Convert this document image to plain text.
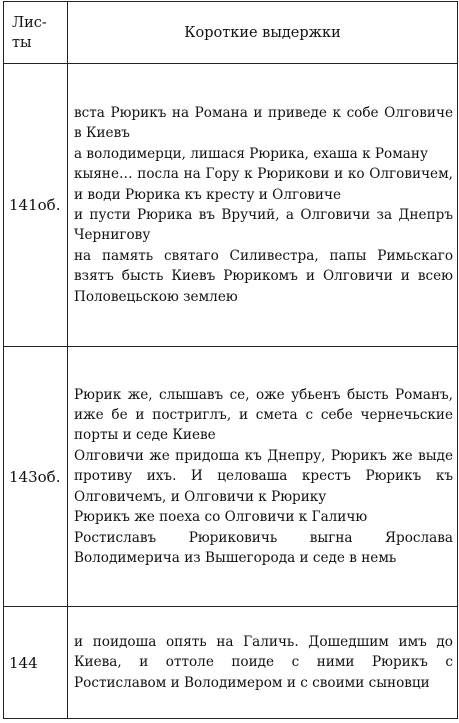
Лис-
ты	Короткие выдержки
141об.	вста Рюрикъ на Романа и приведе к собе Олговиче в Киевъ

а володимерци, лишася Рюрика, ехаша к Роману

кыяне… посла на Гору к Рюрикови и ко Олговичем, и води Рюрика къ кресту и Олговиче

и пусти Рюрика въ Вручий, а Олговичи за Днепръ Чернигову

на память святаго Силивестра, папы Римьскаго взятъ бысть Киевъ Рюрикомъ и Олговичи и всею Половецьскою землею

143об.	Рюрик же, слышавъ се, оже убьенъ бысть Романъ, иже бе и постриглъ, и смета с себе чернечьские порты и седе Киеве

Олговичи же придоша къ Днепру, Рюрикъ же выде противу ихъ. И целоваша крестъ Рюрикъ къ Олговичемъ, и Олговичи к Рюрику

Рюрикъ же поеха со Олговичи к Галичю

Ростиславъ Рюриковичь выгна Ярослава Володимерича из Вышегорода и седе в немь

144	и поидоша опять на Галичь. Дошедшим имъ до Киева, и оттоле поиде с ними Рюрикъ с Ростиславом и Володимером и с своими сыновци
